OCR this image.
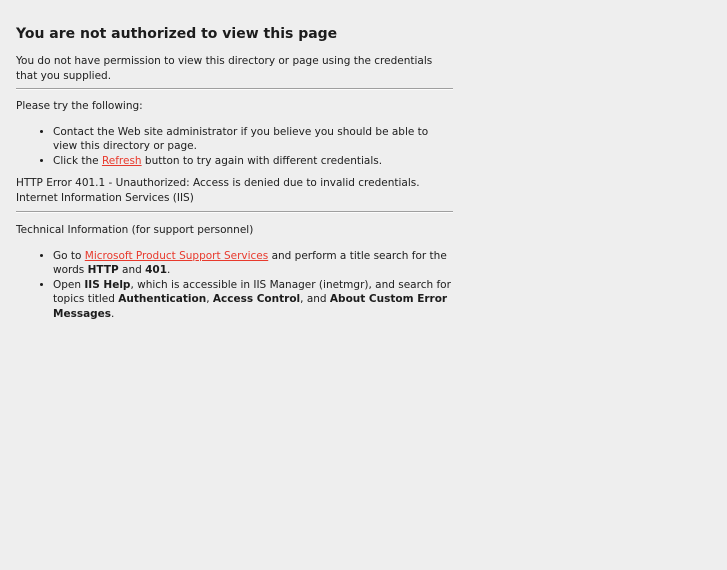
You are not authorized to view this page

You do not have permission to view this directory or page using the credentials that you supplied.

Please try the following:

• Contact the Web site administrator if you believe you should be able to view this directory or page.
• Click the Refresh button to try again with different credentials.

HTTP Error 401.1 - Unauthorized: Access is denied due to invalid credentials.
Internet Information Services (IIS)

Technical Information (for support personnel)

• Go to Microsoft Product Support Services and perform a title search for the words HTTP and 401.
• Open IIS Help, which is accessible in IIS Manager (inetmgr), and search for topics titled Authentication, Access Control, and About Custom Error Messages.
